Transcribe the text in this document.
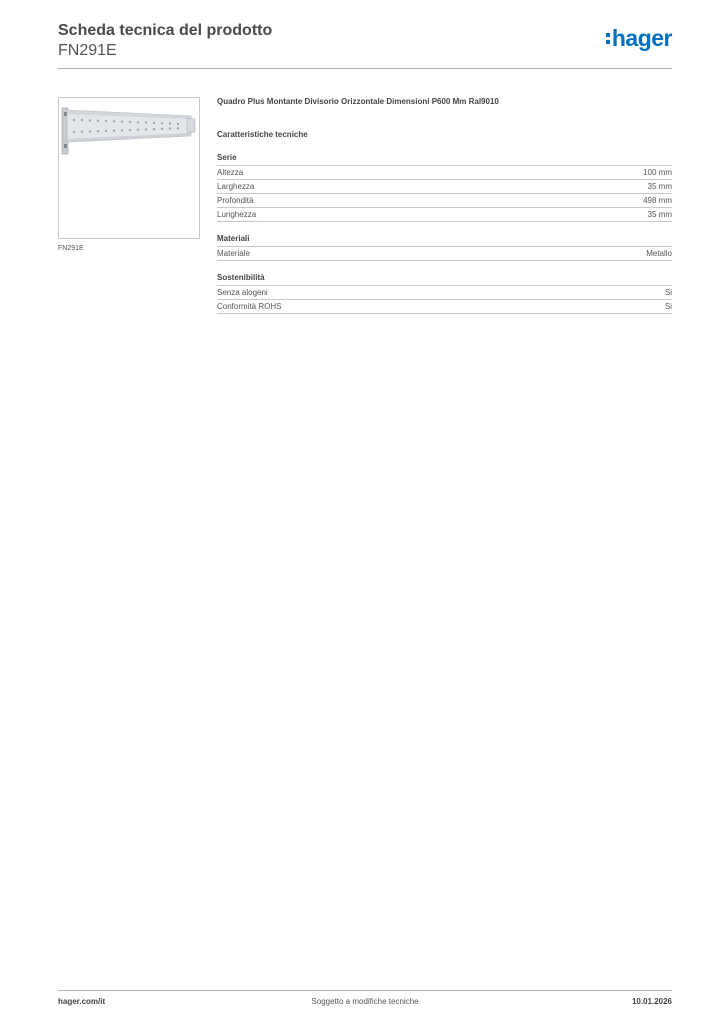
Scheda tecnica del prodotto
FN291E	hager
FN291E
Quadro Plus Montante Divisorio Orizzontale Dimensioni P600 Mm Ral9010
Caratteristiche tecniche
Serie
Altezza	100 mm
Larghezza	35 mm
Profondità	498 mm
Lunghezza	35 mm
Materiali
Materiale	Metallo
Sostenibilità
Senza alogeni	Si
Conformità ROHS	Si
hager.com/it	Soggetto a modifiche tecniche	10.01.2026
